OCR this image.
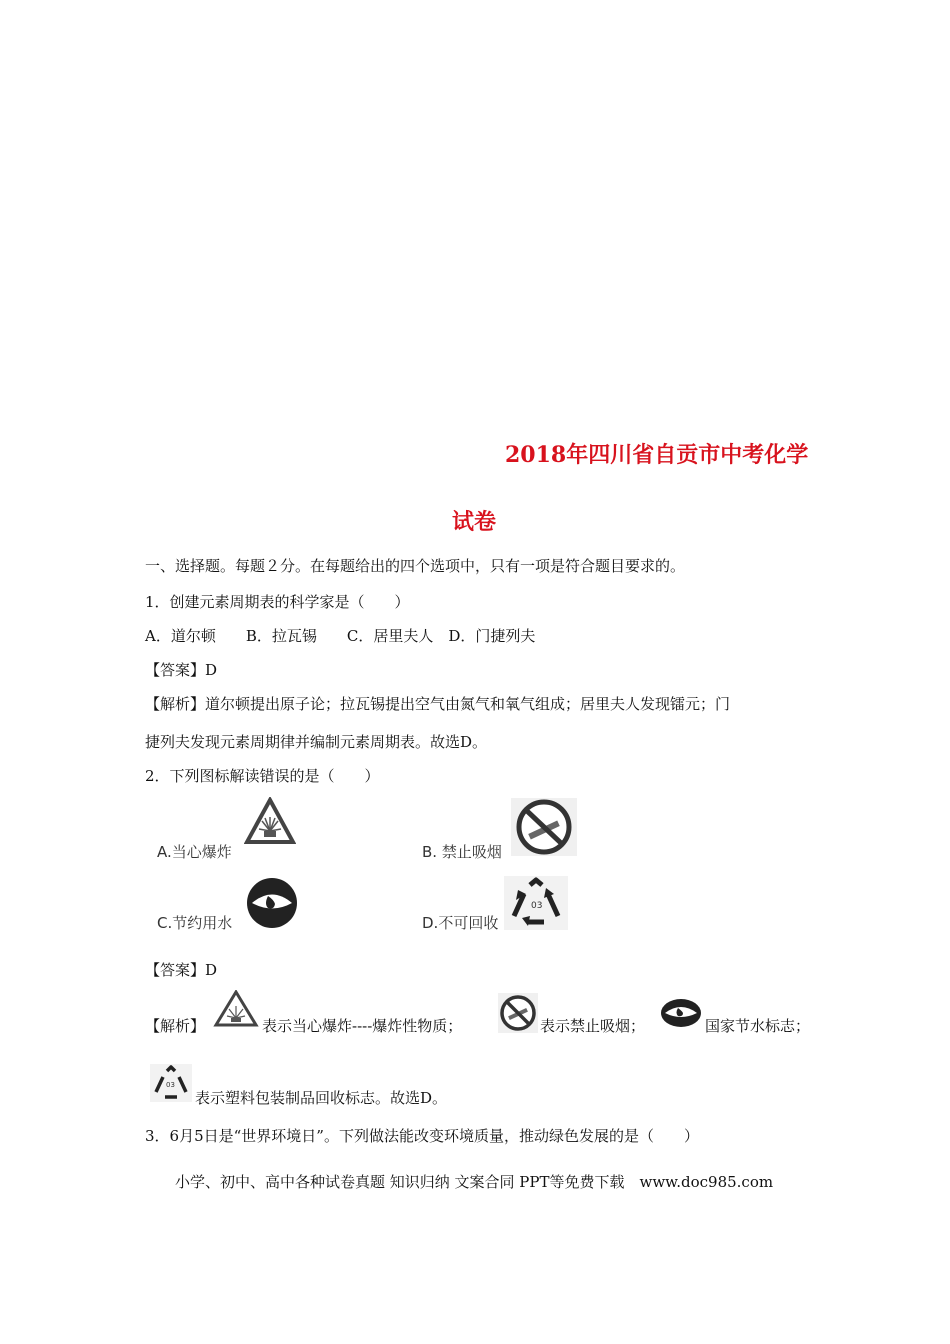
2018年四川省自贡市中考化学
试卷
一、选择题。每题２分。在每题给出的四个选项中，只有一项是符合题目要求的。
1．创建元素周期表的科学家是（　　）
A．道尔顿　　B．拉瓦锡　　C．居里夫人　D．门捷列夫
【答案】D
【解析】道尔顿提出原子论；拉瓦锡提出空气由氮气和氧气组成；居里夫人发现镭元；门
捷列夫发现元素周期律并编制元素周期表。故选D。
2．下列图标解读错误的是（　　）
A.当心爆炸	B. 禁止吸烟
C.节约用水	D.不可回收
03
【答案】D
【解析】	表示当心爆炸----爆炸性物质；	表示禁止吸烟；	国家节水标志；
03
表示塑料包装制品回收标志。故选D。
3．6月5日是“世界环境日”。下列做法能改变环境质量，推动绿色发展的是（　　）
小学、初中、高中各种试卷真题 知识归纳 文案合同 PPT等免费下载　www.doc985.com
